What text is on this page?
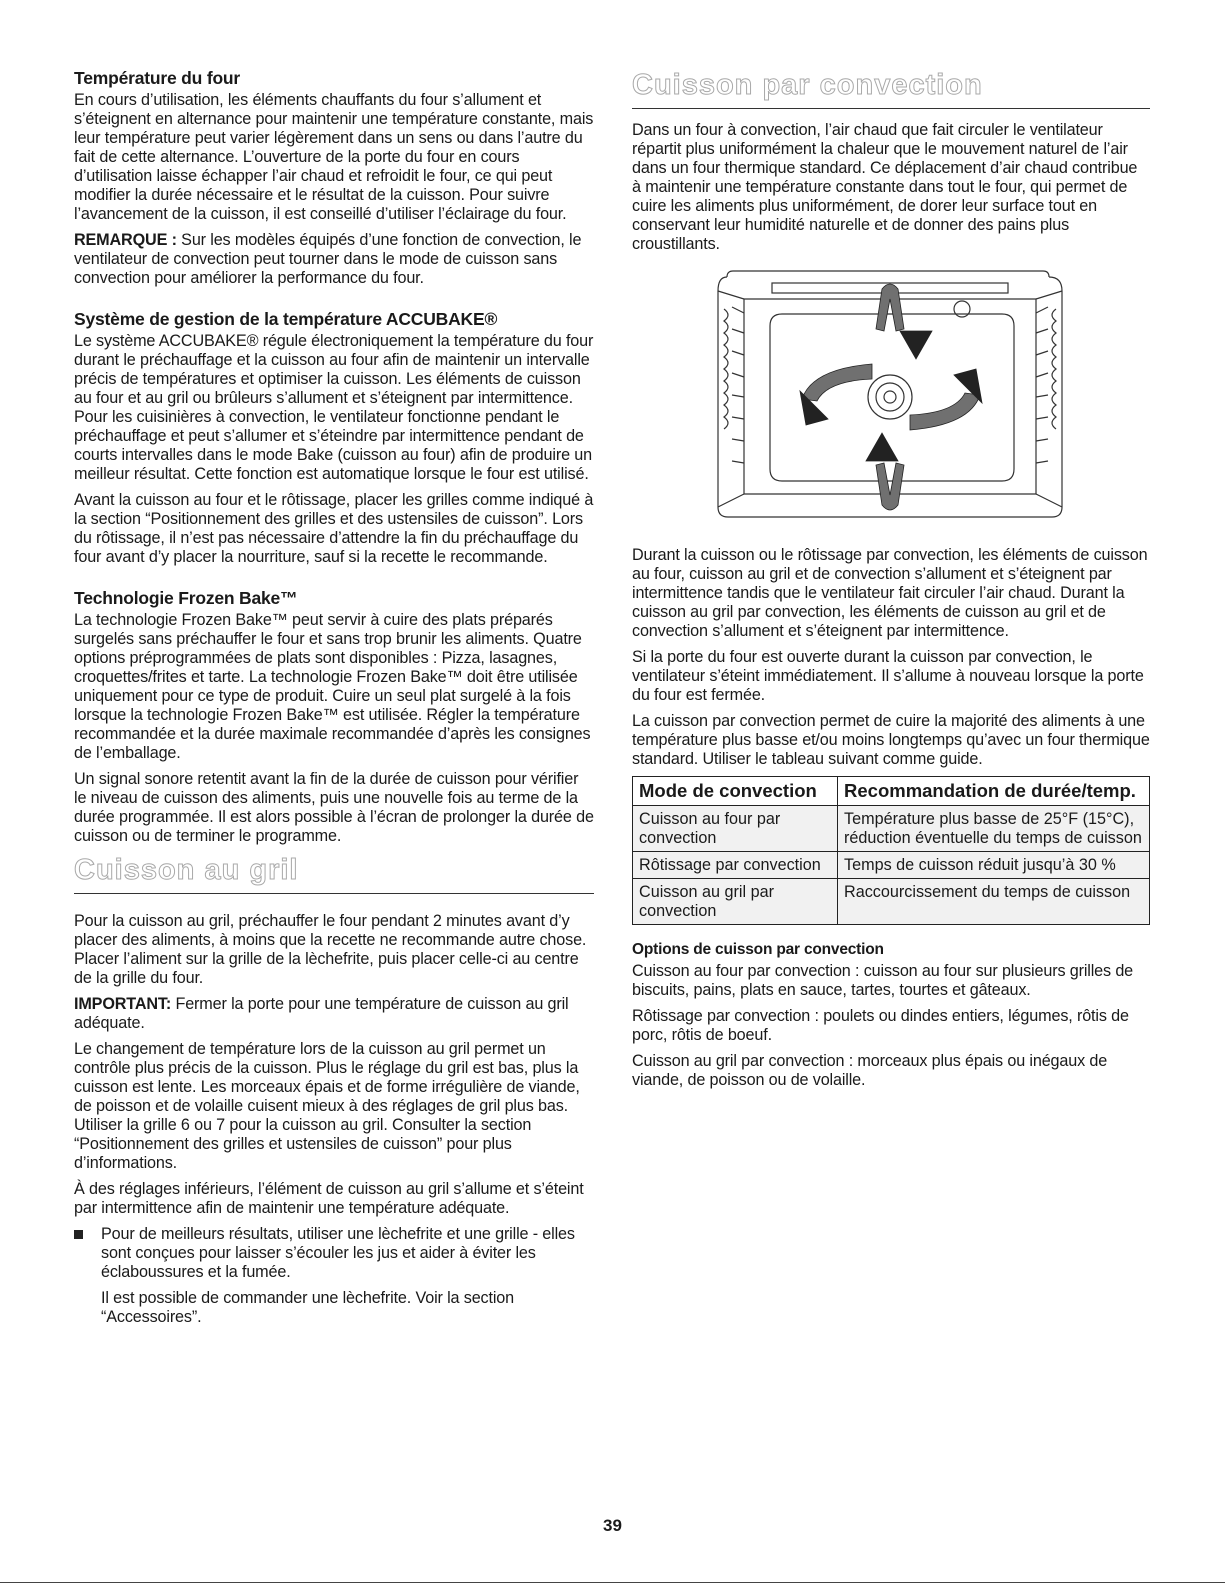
Température du four

En cours d’utilisation, les éléments chauffants du four s’allument et s’éteignent en alternance pour maintenir une température constante, mais leur température peut varier légèrement dans un sens ou dans l’autre du fait de cette alternance. L’ouverture de la porte du four en cours d’utilisation laisse échapper l’air chaud et refroidit le four, ce qui peut modifier la durée nécessaire et le résultat de la cuisson. Pour suivre l’avancement de la cuisson, il est conseillé d’utiliser l’éclairage du four.

REMARQUE : Sur les modèles équipés d’une fonction de convection, le ventilateur de convection peut tourner dans le mode de cuisson sans convection pour améliorer la performance du four.

Système de gestion de la température ACCUBAKE®

Le système ACCUBAKE® régule électroniquement la température du four durant le préchauffage et la cuisson au four afin de maintenir un intervalle précis de températures et optimiser la cuisson. Les éléments de cuisson au four et au gril ou brûleurs s’allument et s’éteignent par intermittence. Pour les cuisinières à convection, le ventilateur fonctionne pendant le préchauffage et peut s’allumer et s’éteindre par intermittence pendant de courts intervalles dans le mode Bake (cuisson au four) afin de produire un meilleur résultat. Cette fonction est automatique lorsque le four est utilisé.

Avant la cuisson au four et le rôtissage, placer les grilles comme indiqué à la section “Positionnement des grilles et des ustensiles de cuisson”. Lors du rôtissage, il n’est pas nécessaire d’attendre la fin du préchauffage du four avant d’y placer la nourriture, sauf si la recette le recommande.

Technologie Frozen Bake™

La technologie Frozen Bake™ peut servir à cuire des plats préparés surgelés sans préchauffer le four et sans trop brunir les aliments. Quatre options préprogrammées de plats sont disponibles : Pizza, lasagnes, croquettes/frites et tarte. La technologie Frozen Bake™ doit être utilisée uniquement pour ce type de produit. Cuire un seul plat surgelé à la fois lorsque la technologie Frozen Bake™ est utilisée. Régler la température recommandée et la durée maximale recommandée d’après les consignes de l’emballage.

Un signal sonore retentit avant la fin de la durée de cuisson pour vérifier le niveau de cuisson des aliments, puis une nouvelle fois au terme de la durée programmée. Il est alors possible à l’écran de prolonger la durée de cuisson ou de terminer le programme.

Cuisson au gril

Pour la cuisson au gril, préchauffer le four pendant 2 minutes avant d’y placer des aliments, à moins que la recette ne recommande autre chose. Placer l’aliment sur la grille de la lèchefrite, puis placer celle-ci au centre de la grille du four.

IMPORTANT: Fermer la porte pour une température de cuisson au gril adéquate.

Le changement de température lors de la cuisson au gril permet un contrôle plus précis de la cuisson. Plus le réglage du gril est bas, plus la cuisson est lente. Les morceaux épais et de forme irrégulière de viande, de poisson et de volaille cuisent mieux à des réglages de gril plus bas. Utiliser la grille 6 ou 7 pour la cuisson au gril. Consulter la section “Positionnement des grilles et ustensiles de cuisson” pour plus d’informations.

À des réglages inférieurs, l’élément de cuisson au gril s’allume et s’éteint par intermittence afin de maintenir une température adéquate.

Pour de meilleurs résultats, utiliser une lèchefrite et une grille - elles sont conçues pour laisser s’écouler les jus et aider à éviter les éclaboussures et la fumée.

Il est possible de commander une lèchefrite. Voir la section “Accessoires”.

Cuisson par convection

Dans un four à convection, l’air chaud que fait circuler le ventilateur répartit plus uniformément la chaleur que le mouvement naturel de l’air dans un four thermique standard. Ce déplacement d’air chaud contribue à maintenir une température constante dans tout le four, qui permet de cuire les aliments plus uniformément, de dorer leur surface tout en conservant leur humidité naturelle et de donner des pains plus croustillants.

Durant la cuisson ou le rôtissage par convection, les éléments de cuisson au four, cuisson au gril et de convection s’allument et s’éteignent par intermittence tandis que le ventilateur fait circuler l’air chaud. Durant la cuisson au gril par convection, les éléments de cuisson au gril et de convection s’allument et s’éteignent par intermittence.

Si la porte du four est ouverte durant la cuisson par convection, le ventilateur s’éteint immédiatement. Il s’allume à nouveau lorsque la porte du four est fermée.

La cuisson par convection permet de cuire la majorité des aliments à une température plus basse et/ou moins longtemps qu’avec un four thermique standard. Utiliser le tableau suivant comme guide.

Mode de convection	Recommandation de durée/temp.
Cuisson au four par convection	Température plus basse de 25°F (15°C), réduction éventuelle du temps de cuisson
Rôtissage par convection	Temps de cuisson réduit jusqu’à 30 %
Cuisson au gril par convection	Raccourcissement du temps de cuisson
Options de cuisson par convection

Cuisson au four par convection : cuisson au four sur plusieurs grilles de biscuits, pains, plats en sauce, tartes, tourtes et gâteaux.

Rôtissage par convection : poulets ou dindes entiers, légumes, rôtis de porc, rôtis de boeuf.

Cuisson au gril par convection : morceaux plus épais ou inégaux de viande, de poisson ou de volaille.

39
